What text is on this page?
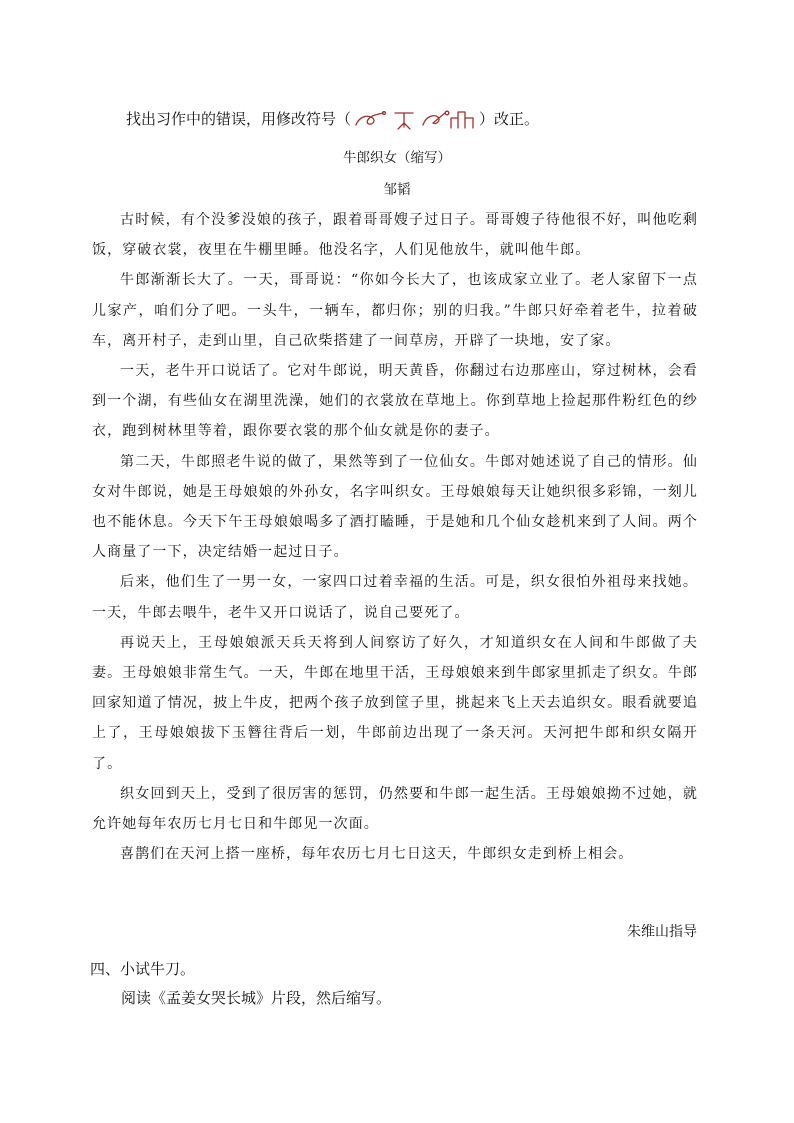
找出习作中的错误，用修改符号（	）改正。
牛郎织女（缩写）
邹韬

古时候，有个没爹没娘的孩子，跟着哥哥嫂子过日子。哥哥嫂子待他很不好，叫他吃剩饭，穿破衣裳，夜里在牛棚里睡。他没名字，人们见他放牛，就叫他牛郎。

牛郎渐渐长大了。一天，哥哥说：“你如今长大了，也该成家立业了。老人家留下一点儿家产，咱们分了吧。一头牛，一辆车，都归你；别的归我。”牛郎只好牵着老牛，拉着破车，离开村子，走到山里，自己砍柴搭建了一间草房，开辟了一块地，安了家。

一天，老牛开口说话了。它对牛郎说，明天黄昏，你翻过右边那座山，穿过树林，会看到一个湖，有些仙女在湖里洗澡，她们的衣裳放在草地上。你到草地上捡起那件粉红色的纱衣，跑到树林里等着，跟你要衣裳的那个仙女就是你的妻子。

第二天，牛郎照老牛说的做了，果然等到了一位仙女。牛郎对她述说了自己的情形。仙女对牛郎说，她是王母娘娘的外孙女，名字叫织女。王母娘娘每天让她织很多彩锦，一刻儿也不能休息。今天下午王母娘娘喝多了酒打瞌睡，于是她和几个仙女趁机来到了人间。两个人商量了一下，决定结婚一起过日子。

后来，他们生了一男一女，一家四口过着幸福的生活。可是，织女很怕外祖母来找她。一天，牛郎去喂牛，老牛又开口说话了，说自己要死了。

再说天上，王母娘娘派天兵天将到人间察访了好久，才知道织女在人间和牛郎做了夫妻。王母娘娘非常生气。一天，牛郎在地里干活，王母娘娘来到牛郎家里抓走了织女。牛郎回家知道了情况，披上牛皮，把两个孩子放到筐子里，挑起来飞上天去追织女。眼看就要追上了，王母娘娘拔下玉簪往背后一划，牛郎前边出现了一条天河。天河把牛郎和织女隔开了。

织女回到天上，受到了很厉害的惩罚，仍然要和牛郎一起生活。王母娘娘拗不过她，就允许她每年农历七月七日和牛郎见一次面。

喜鹊们在天河上搭一座桥，每年农历七月七日这天，牛郎织女走到桥上相会。

朱维山指导
四、小试牛刀。
阅读《孟姜女哭长城》片段，然后缩写。
